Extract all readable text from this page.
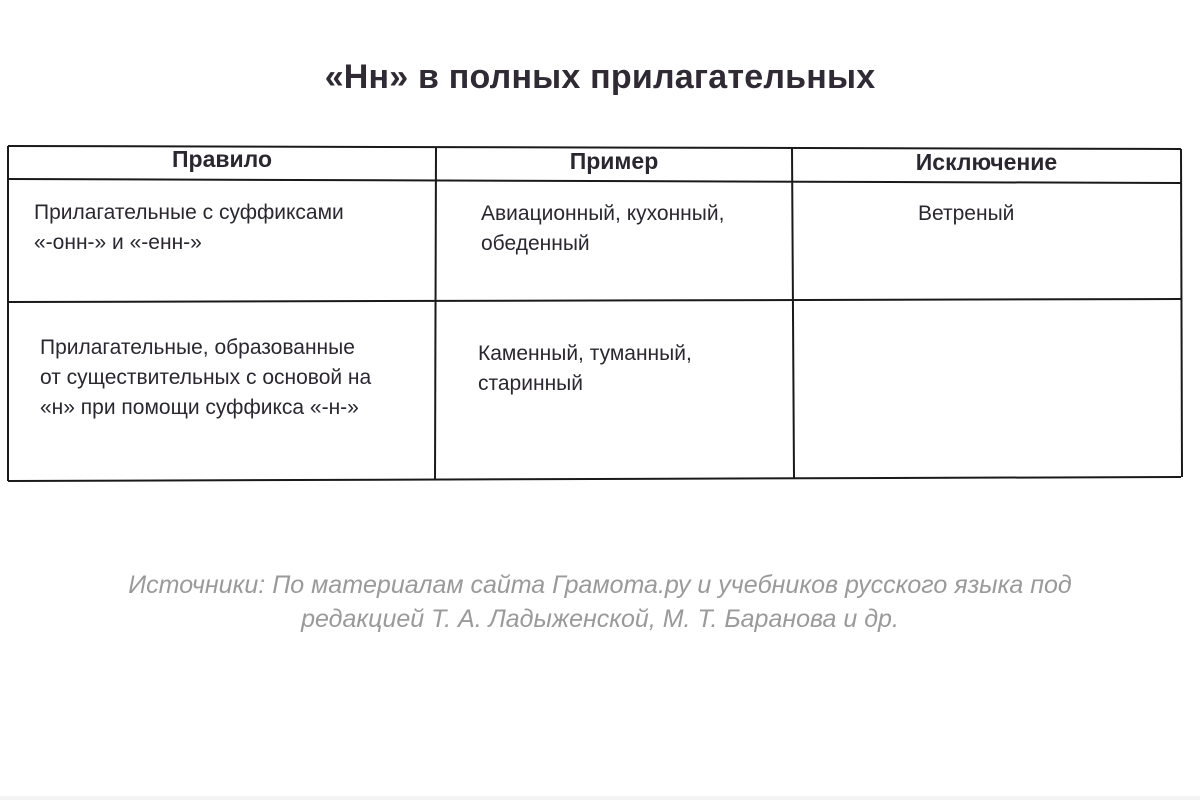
«Нн» в полных прилагательных
Правило	Пример	Исключение
Прилагательные с суффиксами
«-онн-» и «-енн-»
Авиационный, кухонный,
обеденный
Ветреный
Прилагательные, образованные
от существительных с основой на
«н» при помощи суффикса «-н-»
Каменный, туманный,
старинный
Источники: По материалам сайта Грамота.ру и учебников русского языка под
редакцией Т. А. Ладыженской, М. Т. Баранова и др.
